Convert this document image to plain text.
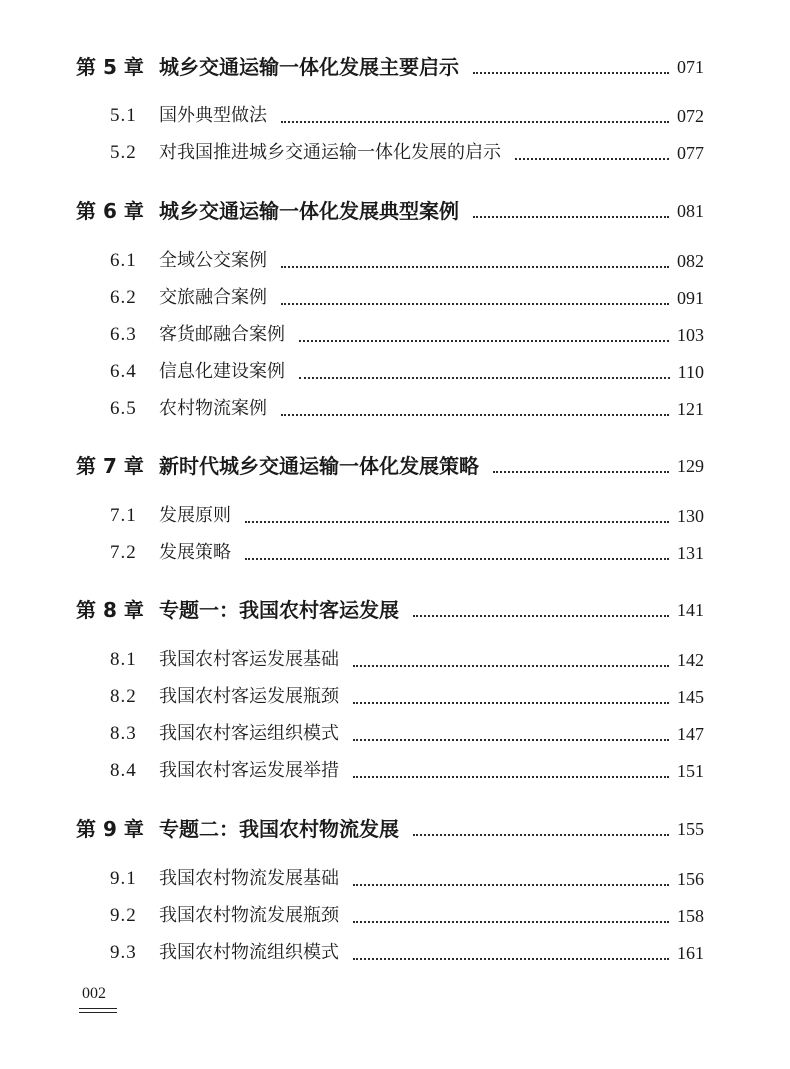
第 5 章 城乡交通运输一体化发展主要启示	071
5.1 国外典型做法	072
5.2 对我国推进城乡交通运输一体化发展的启示	077
第 6 章 城乡交通运输一体化发展典型案例	081
6.1 全域公交案例	082
6.2 交旅融合案例	091
6.3 客货邮融合案例	103
6.4 信息化建设案例	110
6.5 农村物流案例	121
第 7 章 新时代城乡交通运输一体化发展策略	129
7.1 发展原则	130
7.2 发展策略	131
第 8 章 专题一：我国农村客运发展	141
8.1 我国农村客运发展基础	142
8.2 我国农村客运发展瓶颈	145
8.3 我国农村客运组织模式	147
8.4 我国农村客运发展举措	151
第 9 章 专题二：我国农村物流发展	155
9.1 我国农村物流发展基础	156
9.2 我国农村物流发展瓶颈	158
9.3 我国农村物流组织模式	161
002
